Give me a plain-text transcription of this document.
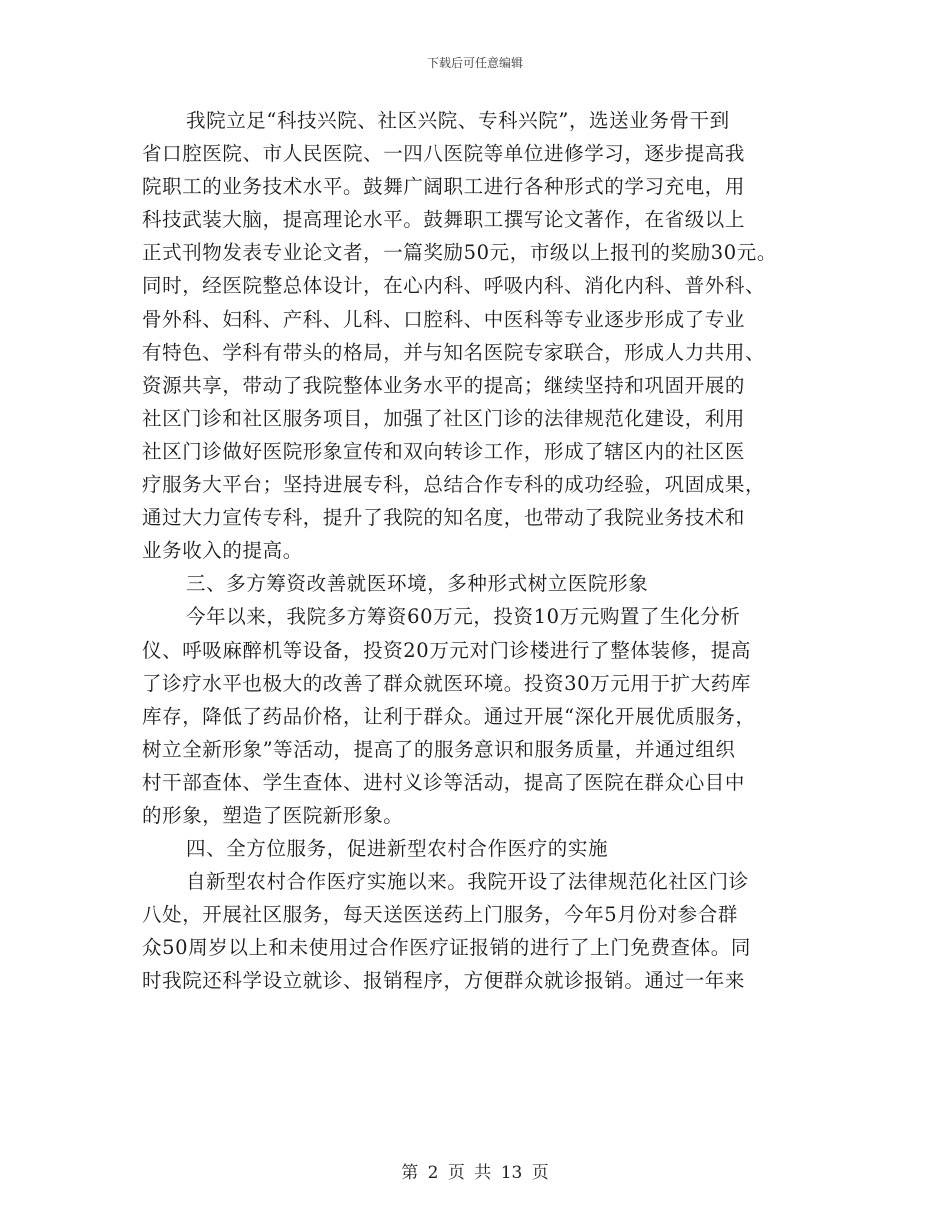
下载后可任意编辑
我院立足“科技兴院、社区兴院、专科兴院”，选送业务骨干到
省口腔医院、市人民医院、一四八医院等单位进修学习，逐步提高我
院职工的业务技术水平。鼓舞广阔职工进行各种形式的学习充电，用
科技武装大脑，提高理论水平。鼓舞职工撰写论文著作，在省级以上
正式刊物发表专业论文者，一篇奖励50元，市级以上报刊的奖励30元。
同时，经医院整总体设计，在心内科、呼吸内科、消化内科、普外科、
骨外科、妇科、产科、儿科、口腔科、中医科等专业逐步形成了专业
有特色、学科有带头的格局，并与知名医院专家联合，形成人力共用、
资源共享，带动了我院整体业务水平的提高；继续坚持和巩固开展的
社区门诊和社区服务项目，加强了社区门诊的法律规范化建设，利用
社区门诊做好医院形象宣传和双向转诊工作，形成了辖区内的社区医
疗服务大平台；坚持进展专科，总结合作专科的成功经验，巩固成果，
通过大力宣传专科，提升了我院的知名度，也带动了我院业务技术和
业务收入的提高。
三、多方筹资改善就医环境，多种形式树立医院形象
今年以来，我院多方筹资60万元，投资10万元购置了生化分析
仪、呼吸麻醉机等设备，投资20万元对门诊楼进行了整体装修，提高
了诊疗水平也极大的改善了群众就医环境。投资30万元用于扩大药库
库存，降低了药品价格，让利于群众。通过开展“深化开展优质服务，
树立全新形象”等活动，提高了的服务意识和服务质量，并通过组织
村干部查体、学生查体、进村义诊等活动，提高了医院在群众心目中
的形象，塑造了医院新形象。
四、全方位服务，促进新型农村合作医疗的实施
自新型农村合作医疗实施以来。我院开设了法律规范化社区门诊
八处，开展社区服务，每天送医送药上门服务，今年5月份对参合群
众50周岁以上和未使用过合作医疗证报销的进行了上门免费查体。同
时我院还科学设立就诊、报销程序，方便群众就诊报销。通过一年来
第 2 页 共 13 页
